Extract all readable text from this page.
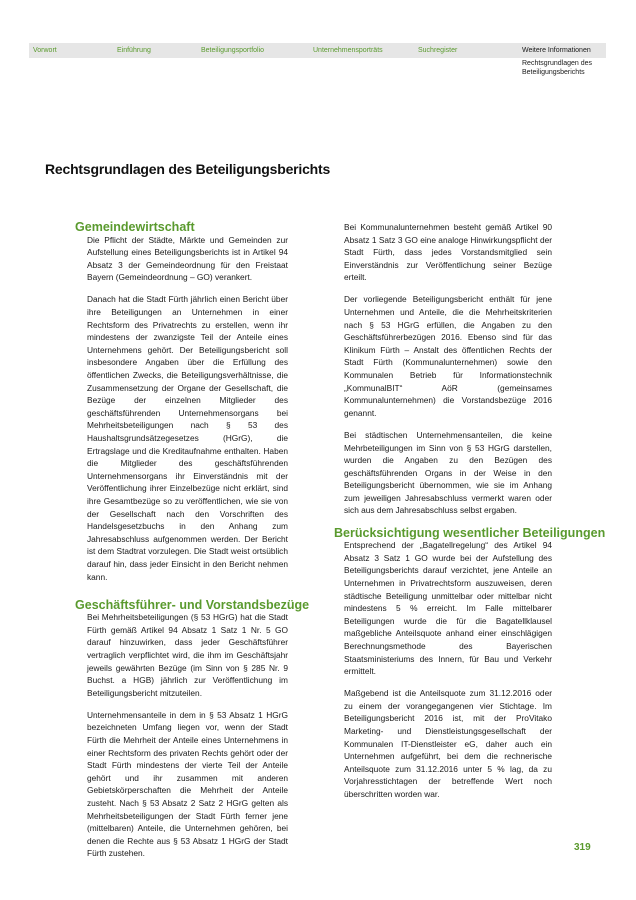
Vorwort	Einführung	Beteiligungsportfolio	Unternehmensporträts	Suchregister	Weitere Informationen
Rechtsgrundlagen des
Beteiligungsberichts
Rechtsgrundlagen des Beteiligungsberichts
Gemeindewirtschaft

Die Pflicht der Städte, Märkte und Gemeinden zur Aufstellung eines Beteiligungsberichts ist in Artikel 94 Absatz 3 der Gemeindeordnung für den Freistaat Bayern (Gemeindeordnung – GO) verankert.

Danach hat die Stadt Fürth jährlich einen Bericht über ihre Beteiligungen an Unternehmen in einer Rechtsform des Privatrechts zu erstellen, wenn ihr mindestens der zwanzigste Teil der Anteile eines Unternehmens gehört. Der Beteiligungsbericht soll insbesondere Angaben über die Erfüllung des öffentlichen Zwecks, die Beteiligungsverhältnisse, die Zusammensetzung der Organe der Gesellschaft, die Bezüge der einzelnen Mitglieder des geschäftsführenden Unternehmensorgans bei Mehrheitsbeteiligungen nach § 53 des Haushaltsgrundsätzegesetzes (HGrG), die Ertragslage und die Kreditaufnahme enthalten. Haben die Mitglieder des geschäftsführenden Unternehmensorgans ihr Einverständnis mit der Veröffentlichung ihrer Einzelbezüge nicht erklärt, sind ihre Gesamtbezüge so zu veröffentlichen, wie sie von der Gesellschaft nach den Vorschriften des Handelsgesetzbuchs in den Anhang zum Jahresabschluss aufgenommen werden. Der Bericht ist dem Stadtrat vorzulegen. Die Stadt weist ortsüblich darauf hin, dass jeder Einsicht in den Bericht nehmen kann.

Geschäftsführer- und Vorstandsbezüge

Bei Mehrheitsbeteiligungen (§ 53 HGrG) hat die Stadt Fürth gemäß Artikel 94 Absatz 1 Satz 1 Nr. 5 GO darauf hinzuwirken, dass jeder Geschäftsführer vertraglich verpflichtet wird, die ihm im Geschäftsjahr jeweils gewährten Bezüge (im Sinn von § 285 Nr. 9 Buchst. a HGB) jährlich zur Veröffentlichung im Beteiligungsbericht mitzuteilen.

Unternehmensanteile in dem in § 53 Absatz 1 HGrG bezeichneten Umfang liegen vor, wenn der Stadt Fürth die Mehrheit der Anteile eines Unternehmens in einer Rechtsform des privaten Rechts gehört oder der Stadt Fürth mindestens der vierte Teil der Anteile gehört und ihr zusammen mit anderen Gebietskörperschaften die Mehrheit der Anteile zusteht. Nach § 53 Absatz 2 Satz 2 HGrG gelten als Mehrheitsbeteiligungen der Stadt Fürth ferner jene (mittelbaren) Anteile, die Unternehmen gehören, bei denen die Rechte aus § 53 Absatz 1 HGrG der Stadt Fürth zustehen.

Bei Kommunalunternehmen besteht gemäß Artikel 90 Absatz 1 Satz 3 GO eine analoge Hinwirkungspflicht der Stadt Fürth, dass jedes Vorstandsmitglied sein Einverständnis zur Veröffentlichung seiner Bezüge erteilt.

Der vorliegende Beteiligungsbericht enthält für jene Unternehmen und Anteile, die die Mehrheitskriterien nach § 53 HGrG erfüllen, die Angaben zu den Geschäftsführerbezügen 2016. Ebenso sind für das Klinikum Fürth – Anstalt des öffentlichen Rechts der Stadt Fürth (Kommunalunternehmen) sowie den Kommunalen Betrieb für Informationstechnik „KommunalBIT“ AöR (gemeinsames Kommunalunternehmen) die Vorstandsbezüge 2016 genannt.

Bei städtischen Unternehmensanteilen, die keine Mehrbeteiligungen im Sinn von § 53 HGrG darstellen, wurden die Angaben zu den Bezügen des geschäftsführenden Organs in der Weise in den Beteiligungsbericht übernommen, wie sie im Anhang zum jeweiligen Jahresabschluss vermerkt waren oder sich aus dem Jahresabschluss selbst ergaben.

Berücksichtigung wesentlicher Beteiligungen

Entsprechend der „Bagatellregelung“ des Artikel 94 Absatz 3 Satz 1 GO wurde bei der Aufstellung des Beteiligungsberichts darauf verzichtet, jene Anteile an Unternehmen in Privatrechtsform auszuweisen, deren städtische Beteiligung unmittelbar oder mittelbar nicht mindestens 5 % erreicht. Im Falle mittelbarer Beteiligungen wurde die für die Bagatellklausel maßgebliche Anteilsquote anhand einer einschlägigen Berechnungsmethode des Bayerischen Staatsministeriums des Innern, für Bau und Verkehr ermittelt.

Maßgebend ist die Anteilsquote zum 31.12.2016 oder zu einem der vorangegangenen vier Stichtage. Im Beteiligungsbericht 2016 ist, mit der ProVitako Marketing- und Dienstleistungsgesellschaft der Kommunalen IT-Dienstleister eG, daher auch ein Unternehmen aufgeführt, bei dem die rechnerische Anteilsquote zum 31.12.2016 unter 5 % lag, da zu Vorjahresstichtagen der betreffende Wert noch überschritten worden war.

319
